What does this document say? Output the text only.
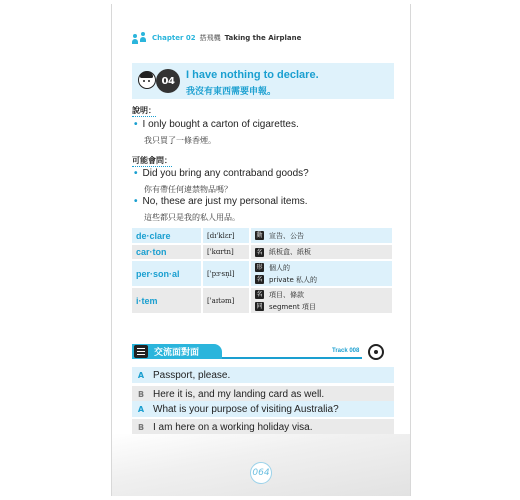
Chapter 02 搭飛機 Taking the Airplane
04	I have nothing to declare.
我沒有東西需要申報。
說明：
• I only bought a carton of cigarettes.
我只買了一條香煙。
可能會問：
• Did you bring any contraband goods?
你有帶任何違禁物品嗎？
• No, these are just my personal items.
這些都只是我的私人用品。
de·clare	[dɪ'klɛr]	動 宣告、公告

car·ton	['kɑrtn]	名 紙板盒、紙板

per·son·al	['pɝsn̩l]	形 個人的
名 private 私人的

i·tem	['aɪtəm]	名 項目、條款
同 segment 項目
交流面對面	Track 008
A Passport, please.
B Here it is, and my landing card as well.
A What is your purpose of visiting Australia?
B I am here on a working holiday visa.
064
